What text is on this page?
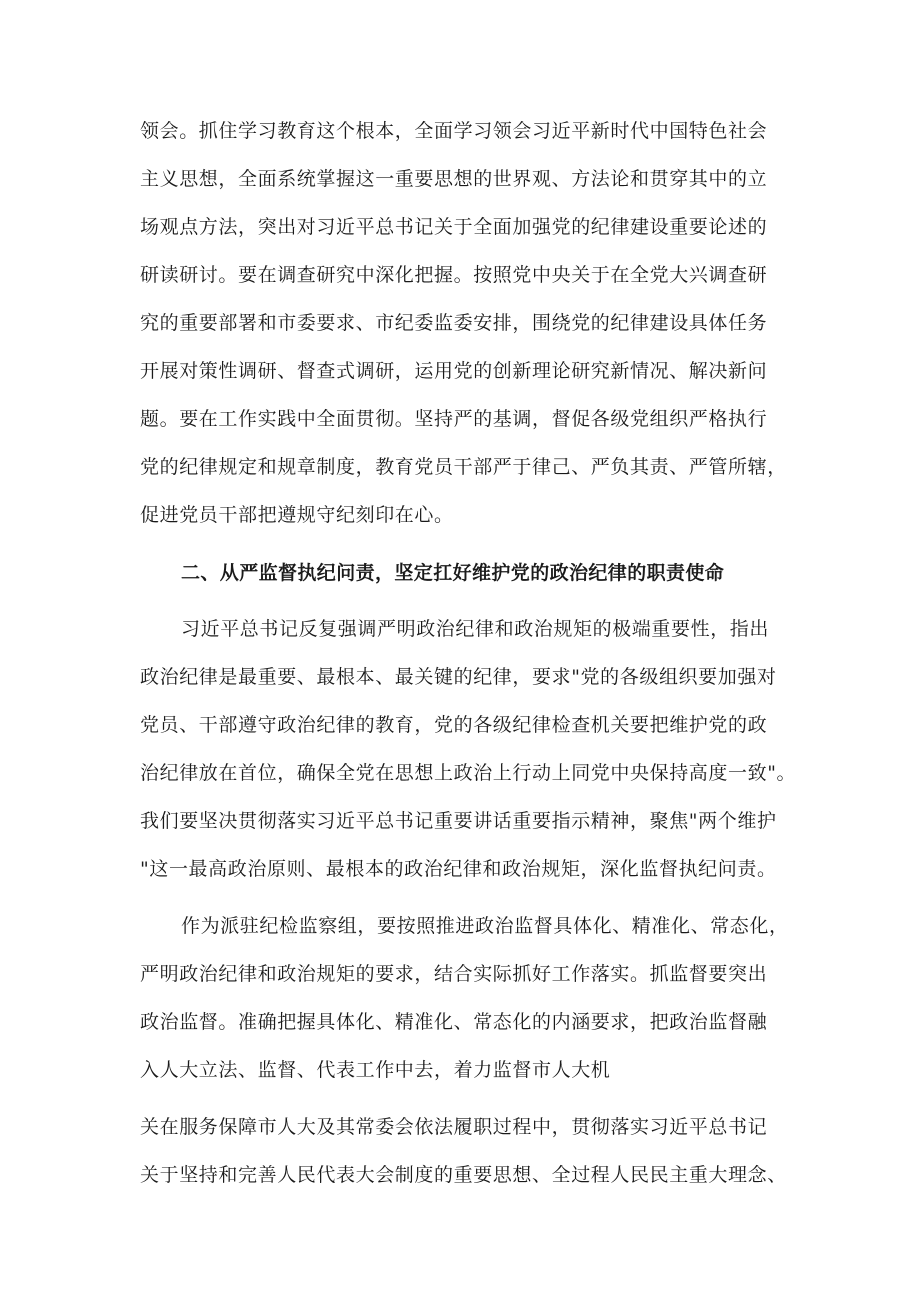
领会。抓住学习教育这个根本，全面学习领会习近平新时代中国特色社会
主义思想，全面系统掌握这一重要思想的世界观、方法论和贯穿其中的立
场观点方法，突出对习近平总书记关于全面加强党的纪律建设重要论述的
研读研讨。要在调查研究中深化把握。按照党中央关于在全党大兴调查研
究的重要部署和市委要求、市纪委监委安排，围绕党的纪律建设具体任务
开展对策性调研、督查式调研，运用党的创新理论研究新情况、解决新问
题。要在工作实践中全面贯彻。坚持严的基调，督促各级党组织严格执行
党的纪律规定和规章制度，教育党员干部严于律己、严负其责、严管所辖，
促进党员干部把遵规守纪刻印在心。
二、从严监督执纪问责，坚定扛好维护党的政治纪律的职责使命
习近平总书记反复强调严明政治纪律和政治规矩的极端重要性，指出
政治纪律是最重要、最根本、最关键的纪律，要求"党的各级组织要加强对
党员、干部遵守政治纪律的教育，党的各级纪律检查机关要把维护党的政
治纪律放在首位，确保全党在思想上政治上行动上同党中央保持高度一致"。
我们要坚决贯彻落实习近平总书记重要讲话重要指示精神，聚焦"两个维护
"这一最高政治原则、最根本的政治纪律和政治规矩，深化监督执纪问责。
作为派驻纪检监察组，要按照推进政治监督具体化、精准化、常态化，
严明政治纪律和政治规矩的要求，结合实际抓好工作落实。抓监督要突出
政治监督。准确把握具体化、精准化、常态化的内涵要求，把政治监督融
入人大立法、监督、代表工作中去，着力监督市人大机
关在服务保障市人大及其常委会依法履职过程中，贯彻落实习近平总书记
关于坚持和完善人民代表大会制度的重要思想、全过程人民民主重大理念、
